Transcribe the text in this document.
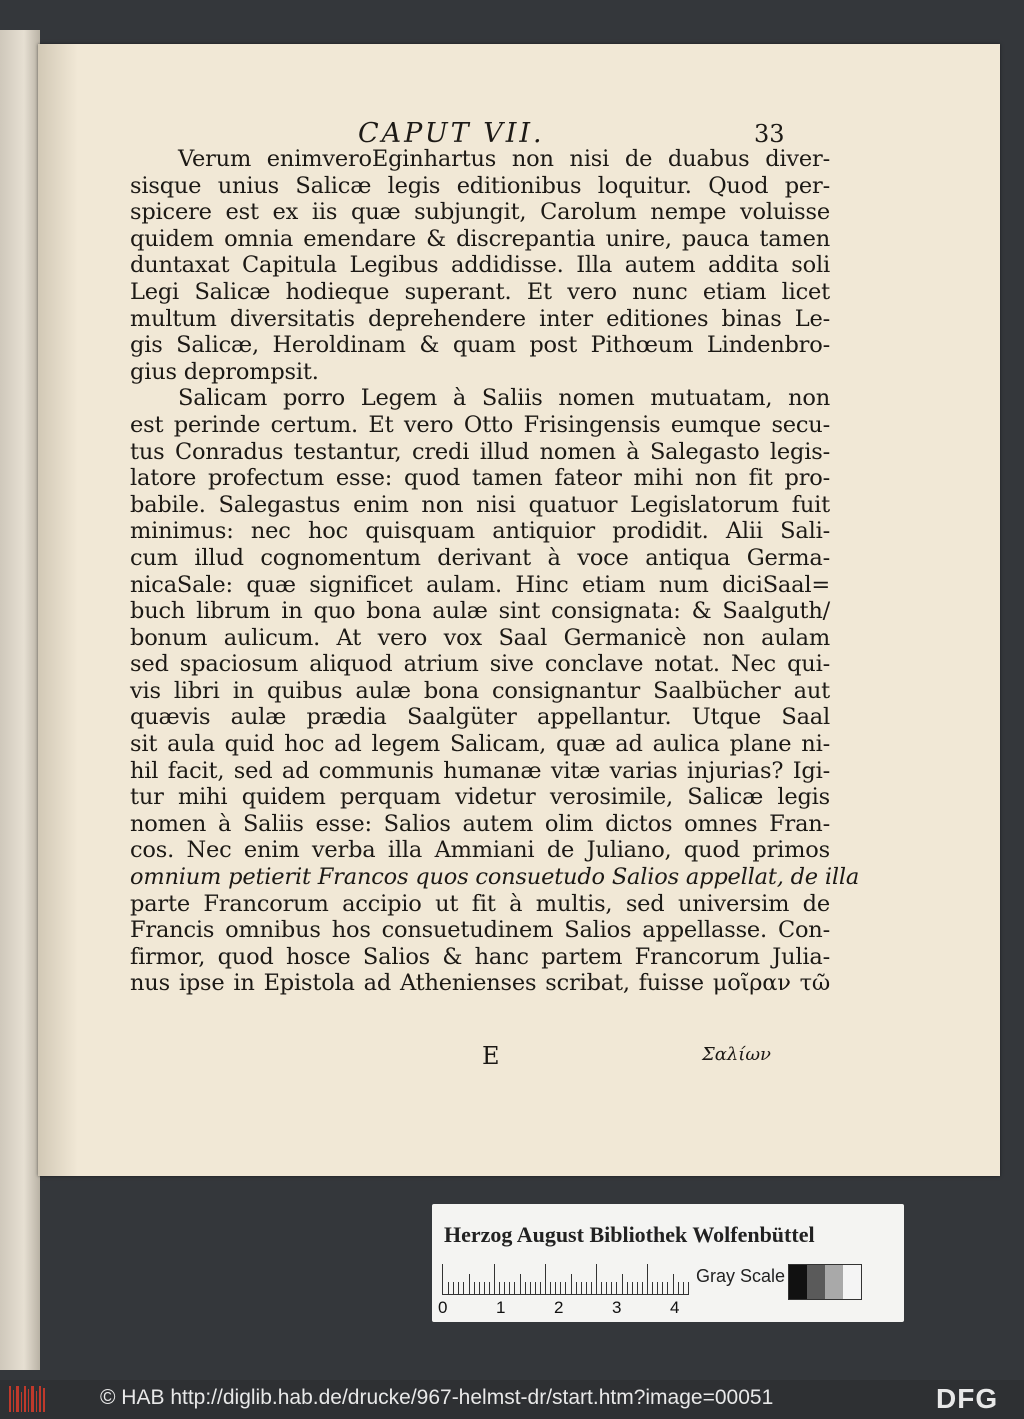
CAPUT VII.	33
Verum enimveroEginhartus non nisi de duabus diver-
sisque unius Salicæ legis editionibus loquitur. Quod per-
spicere est ex iis quæ subjungit, Carolum nempe voluisse
quidem omnia emendare & discrepantia unire, pauca tamen
duntaxat Capitula Legibus addidisse. Illa autem addita soli
Legi Salicæ hodieque superant. Et vero nunc etiam licet
multum diversitatis deprehendere inter editiones binas Le-
gis Salicæ, Heroldinam & quam post Pithœum Lindenbro-
gius deprompsit.
Salicam porro Legem à Saliis nomen mutuatam, non
est perinde certum. Et vero Otto Frisingensis eumque secu-
tus Conradus testantur, credi illud nomen à Salegasto legis-
latore profectum esse: quod tamen fateor mihi non fit pro-
babile. Salegastus enim non nisi quatuor Legislatorum fuit
minimus: nec hoc quisquam antiquior prodidit. Alii Sali-
cum illud cognomentum derivant à voce antiqua Germa-
nicaSale: quæ significet aulam. Hinc etiam num diciSaal=
buch librum in quo bona aulæ sint consignata: & Saalguth/
bonum aulicum. At vero vox Saal Germanicè non aulam
sed spaciosum aliquod atrium sive conclave notat. Nec qui-
vis libri in quibus aulæ bona consignantur Saalbücher aut
quævis aulæ prædia Saalgüter appellantur. Utque Saal
sit aula quid hoc ad legem Salicam, quæ ad aulica plane ni-
hil facit, sed ad communis humanæ vitæ varias injurias? Igi-
tur mihi quidem perquam videtur verosimile, Salicæ legis
nomen à Saliis esse: Salios autem olim dictos omnes Fran-
cos. Nec enim verba illa Ammiani de Juliano, quod primos
omnium petierit Francos quos consuetudo Salios appellat, de illa
parte Francorum accipio ut fit à multis, sed universim de
Francis omnibus hos consuetudinem Salios appellasse. Con-
firmor, quod hosce Salios & hanc partem Francorum Julia-
nus ipse in Epistola ad Athenienses scribat, fuisse μοῖραν τῶ
E	Σαλίων
Herzog August Bibliothek Wolfenbüttel
0	1	2	3	4
Gray Scale
© HAB http://diglib.hab.de/drucke/967-helmst-dr/start.htm?image=00051	DFG
